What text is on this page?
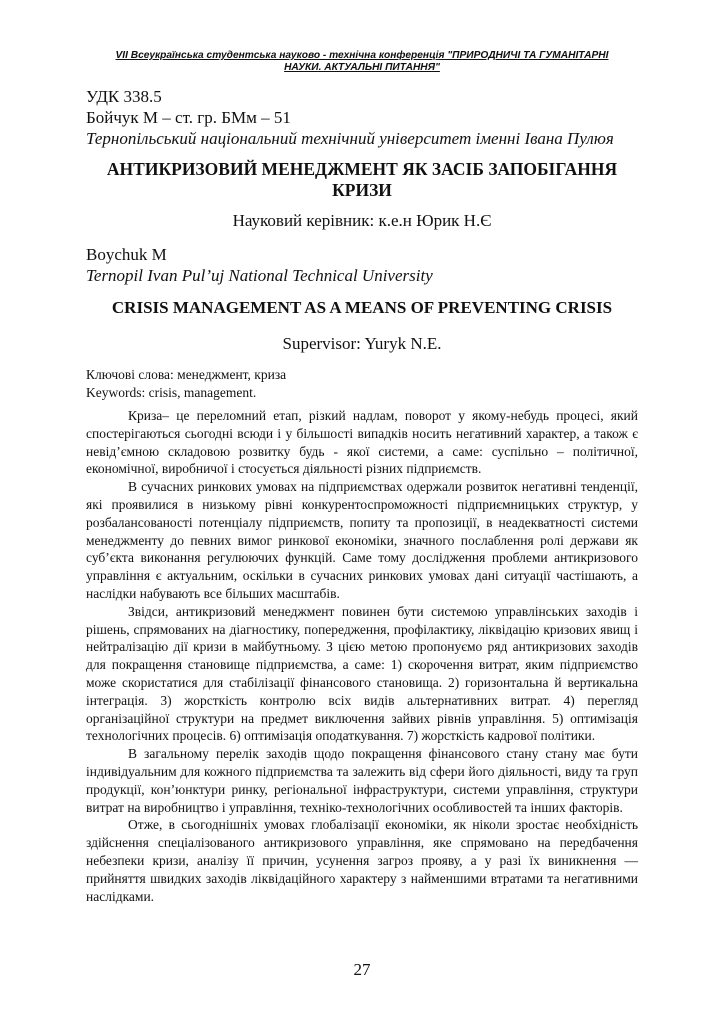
VII Всеукраїнська студентська науково - технічна конференція "ПРИРОДНИЧІ ТА ГУМАНІТАРНІ НАУКИ. АКТУАЛЬНІ ПИТАННЯ"
УДК 338.5
Бойчук М – ст. гр. БМм – 51
Тернопільський національний технічний університет іменні Івана Пулюя
АНТИКРИЗОВИЙ МЕНЕДЖМЕНТ ЯК ЗАСІБ ЗАПОБІГАННЯ КРИЗИ
Науковий керівник: к.е.н Юрик Н.Є
Boychuk M
Ternopil Ivan Pul’uj National Technical University
CRISIS MANAGEMENT AS A MEANS OF PREVENTING CRISIS
Supervisor: Yuryk N.E.
Ключові слова: менеджмент, криза
Keywords: crisis, management.

Криза– це переломний етап, різкий надлам, поворот у якому-небудь процесі, який спостерігаються сьогодні всюди і у більшості випадків носить негативний характер, а також є невід’ємною складовою розвитку будь - якої системи, а саме: суспільно – політичної, економічної, виробничої і стосується діяльності різних підприємств.

В сучасних ринкових умовах на підприємствах одержали розвиток негативні тенденції, які проявилися в низькому рівні конкурентоспроможності підприємницьких структур, у розбалансованості потенціалу підприємств, попиту та пропозиції, в неадекватності системи менеджменту до певних вимог ринкової економіки, значного послаблення ролі держави як суб’єкта виконання регулюючих функцій. Саме тому дослідження проблеми антикризового управління є актуальним, оскільки в сучасних ринкових умовах дані ситуації частішають, а наслідки набувають все більших масштабів.

Звідси, антикризовий менеджмент повинен бути системою управлінських заходів і рішень, спрямованих на діагностику, попередження, профілактику, ліквідацію кризових явищ і нейтралізацію дії кризи в майбутньому. З цією метою пропонуємо ряд антикризових заходів для покращення становище підприємства, а саме: 1) скорочення витрат, яким підприємство може скористатися для стабілізації фінансового становища. 2) горизонтальна й вертикальна інтеграція. 3) жорсткість контролю всіх видів альтернативних витрат. 4) перегляд організаційної структури на предмет виключення зайвих рівнів управління. 5) оптимізація технологічних процесів. 6) оптимізація оподаткування. 7) жорсткість кадрової політики.

В загальному перелік заходів щодо покращення фінансового стану стану має бути індивідуальним для кожного підприємства та залежить від сфери його діяльності, виду та груп продукції, кон’юнктури ринку, регіональної інфраструктури, системи управління, структури витрат на виробництво і управління, техніко-технологічних особливостей та інших факторів.

Отже, в сьогоднішніх умовах глобалізації економіки, як ніколи зростає необхідність здійснення спеціалізованого антикризового управління, яке спрямовано на передбачення небезпеки кризи, аналізу її причин, усунення загроз прояву, а у разі їх виникнення — прийняття швидких заходів ліквідаційного характеру з найменшими втратами та негативними наслідками.

27
